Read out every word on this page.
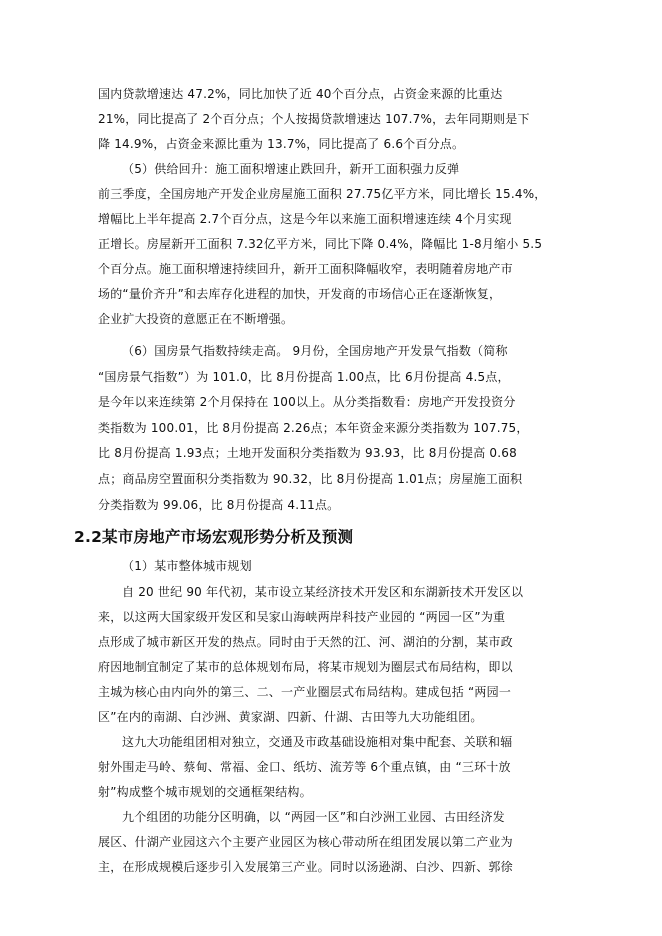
国内贷款增速达 47.2%，同比加快了近 40个百分点，占资金来源的比重达

21%，同比提高了 2个百分点；个人按揭贷款增速达 107.7%，去年同期则是下

降 14.9%，占资金来源比重为 13.7%，同比提高了 6.6个百分点。

（5）供给回升：施工面积增速止跌回升，新开工面积强力反弹

前三季度，全国房地产开发企业房屋施工面积 27.75亿平方米，同比增长 15.4%，

增幅比上半年提高 2.7个百分点，这是今年以来施工面积增速连续 4个月实现

正增长。房屋新开工面积 7.32亿平方米，同比下降 0.4%，降幅比 1-8月缩小 5.5

个百分点。施工面积增速持续回升，新开工面积降幅收窄，表明随着房地产市

场的“量价齐升”和去库存化进程的加快，开发商的市场信心正在逐渐恢复，

企业扩大投资的意愿正在不断增强。

（6）国房景气指数持续走高。 9月份，全国房地产开发景气指数（简称

“国房景气指数”）为 101.0，比 8月份提高 1.00点，比 6月份提高 4.5点，

是今年以来连续第 2个月保持在 100以上。从分类指数看：房地产开发投资分

类指数为 100.01，比 8月份提高 2.26点；本年资金来源分类指数为 107.75，

比 8月份提高 1.93点；土地开发面积分类指数为 93.93，比 8月份提高 0.68

点；商品房空置面积分类指数为 90.32，比 8月份提高 1.01点；房屋施工面积

分类指数为 99.06，比 8月份提高 4.11点。

2.2某市房地产市场宏观形势分析及预测

（1）某市整体城市规划

自 20 世纪 90 年代初，某市设立某经济技术开发区和东湖新技术开发区以

来，以这两大国家级开发区和吴家山海峡两岸科技产业园的 “两园一区”为重

点形成了城市新区开发的热点。同时由于天然的江、河、湖泊的分割，某市政

府因地制宜制定了某市的总体规划布局，将某市规划为圈层式布局结构，即以

主城为核心由内向外的第三、二、一产业圈层式布局结构。建成包括 “两园一

区”在内的南湖、白沙洲、黄家湖、四新、什湖、古田等九大功能组团。

这九大功能组团相对独立，交通及市政基础设施相对集中配套、关联和辐

射外围走马岭、蔡甸、常福、金口、纸坊、流芳等 6个重点镇，由 “三环十放

射”构成整个城市规划的交通框架结构。

九个组团的功能分区明确，以 “两园一区”和白沙洲工业园、古田经济发

展区、什湖产业园这六个主要产业园区为核心带动所在组团发展以第二产业为

主，在形成规模后逐步引入发展第三产业。同时以汤逊湖、白沙、四新、郭徐
